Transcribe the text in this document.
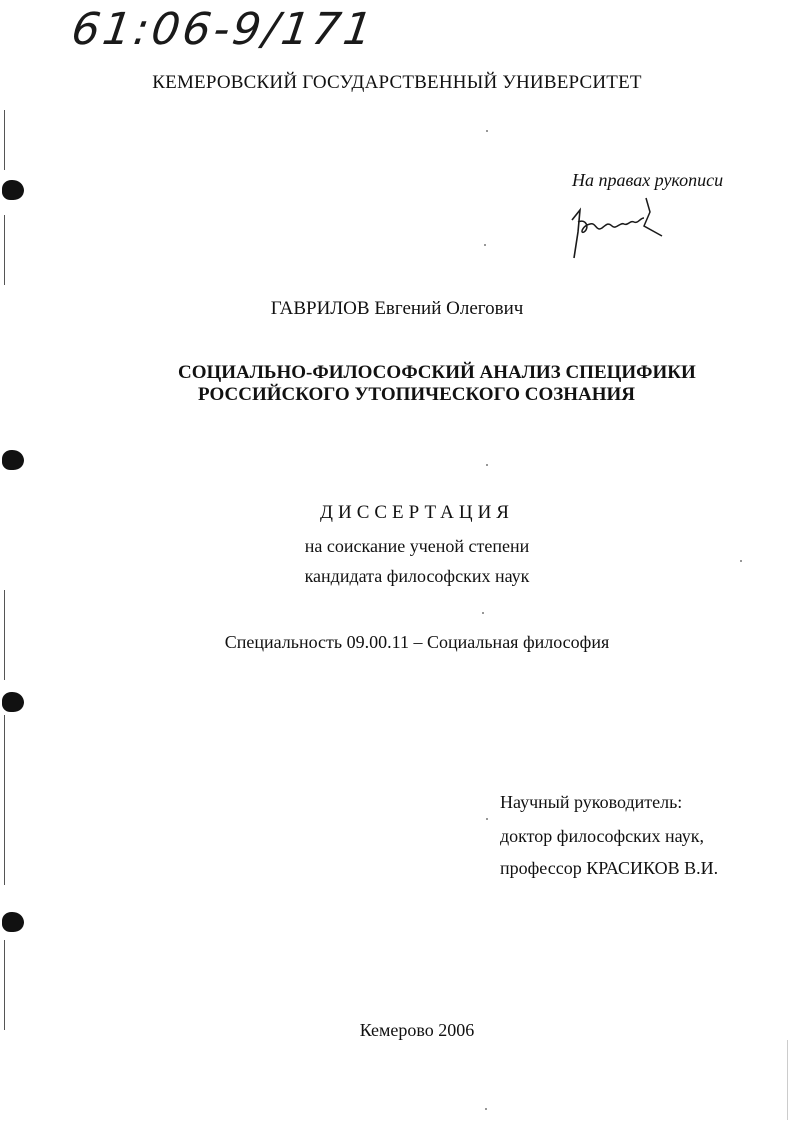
61:06-9/171
КЕМЕРОВСКИЙ ГОСУДАРСТВЕННЫЙ УНИВЕРСИТЕТ
На правах рукописи
ГАВРИЛОВ Евгений Олегович
СОЦИАЛЬНО-ФИЛОСОФСКИЙ АНАЛИЗ СПЕЦИФИКИ
РОССИЙСКОГО УТОПИЧЕСКОГО СОЗНАНИЯ
ДИССЕРТАЦИЯ
на соискание ученой степени
кандидата философских наук
Специальность 09.00.11 – Социальная философия
Научный руководитель:
доктор философских наук,
профессор КРАСИКОВ В.И.
Кемерово 2006
